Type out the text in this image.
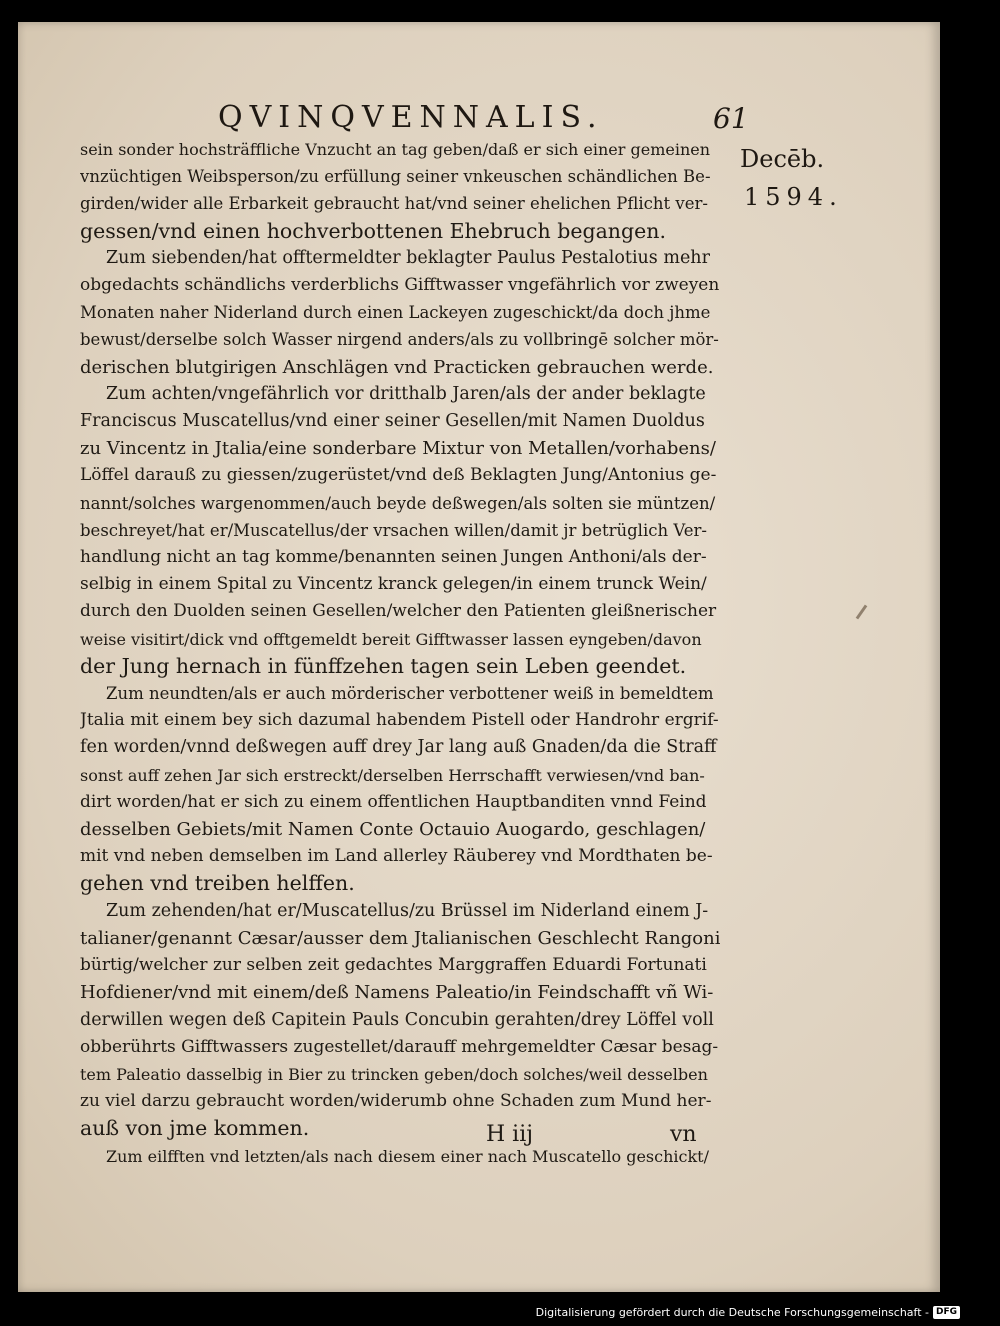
QVINQVENNALIS.	61
Decēb.
1594.
sein sonder hochsträffliche Vnzucht an tag geben/daß er sich einer gemeinen
vnzüchtigen Weibsperson/zu erfüllung seiner vnkeuschen schändlichen Be-
girden/wider alle Erbarkeit gebraucht hat/vnd seiner ehelichen Pflicht ver-
gessen/vnd einen hochverbottenen Ehebruch begangen.
Zum siebenden/hat offtermeldter beklagter Paulus Pestalotius mehr
obgedachts schändlichs verderblichs Gifftwasser vngefährlich vor zweyen
Monaten naher Niderland durch einen Lackeyen zugeschickt/da doch jhme
bewust/derselbe solch Wasser nirgend anders/als zu vollbringē solcher mör-
derischen blutgirigen Anschlägen vnd Practicken gebrauchen werde.
Zum achten/vngefährlich vor dritthalb Jaren/als der ander beklagte
Franciscus Muscatellus/vnd einer seiner Gesellen/mit Namen Duoldus
zu Vincentz in Jtalia/eine sonderbare Mixtur von Metallen/vorhabens/
Löffel darauß zu giessen/zugerüstet/vnd deß Beklagten Jung/Antonius ge-
nannt/solches wargenommen/auch beyde deßwegen/als solten sie müntzen/
beschreyet/hat er/Muscatellus/der vrsachen willen/damit jr betrüglich Ver-
handlung nicht an tag komme/benannten seinen Jungen Anthoni/als der-
selbig in einem Spital zu Vincentz kranck gelegen/in einem trunck Wein/
durch den Duolden seinen Gesellen/welcher den Patienten gleißnerischer
weise visitirt/dick vnd offtgemeldt bereit Gifftwasser lassen eyngeben/davon
der Jung hernach in fünffzehen tagen sein Leben geendet.
Zum neundten/als er auch mörderischer verbottener weiß in bemeldtem
Jtalia mit einem bey sich dazumal habendem Pistell oder Handrohr ergrif-
fen worden/vnnd deßwegen auff drey Jar lang auß Gnaden/da die Straff
sonst auff zehen Jar sich erstreckt/derselben Herrschafft verwiesen/vnd ban-
dirt worden/hat er sich zu einem offentlichen Hauptbanditen vnnd Feind
desselben Gebiets/mit Namen Conte Octauio Auogardo, geschlagen/
mit vnd neben demselben im Land allerley Räuberey vnd Mordthaten be-
gehen vnd treiben helffen.
Zum zehenden/hat er/Muscatellus/zu Brüssel im Niderland einem J-
talianer/genannt Cæsar/ausser dem Jtalianischen Geschlecht Rangoni
bürtig/welcher zur selben zeit gedachtes Marggraffen Eduardi Fortunati
Hofdiener/vnd mit einem/deß Namens Paleatio/in Feindschafft vñ Wi-
derwillen wegen deß Capitein Pauls Concubin gerahten/drey Löffel voll
obberührts Gifftwassers zugestellet/darauff mehrgemeldter Cæsar besag-
tem Paleatio dasselbig in Bier zu trincken geben/doch solches/weil desselben
zu viel darzu gebraucht worden/widerumb ohne Schaden zum Mund her-
auß von jme kommen.
Zum eilfften vnd letzten/als nach diesem einer nach Muscatello geschickt/
H iij	vn
Digitalisierung gefördert durch die Deutsche Forschungsgemeinschaft - DFG
